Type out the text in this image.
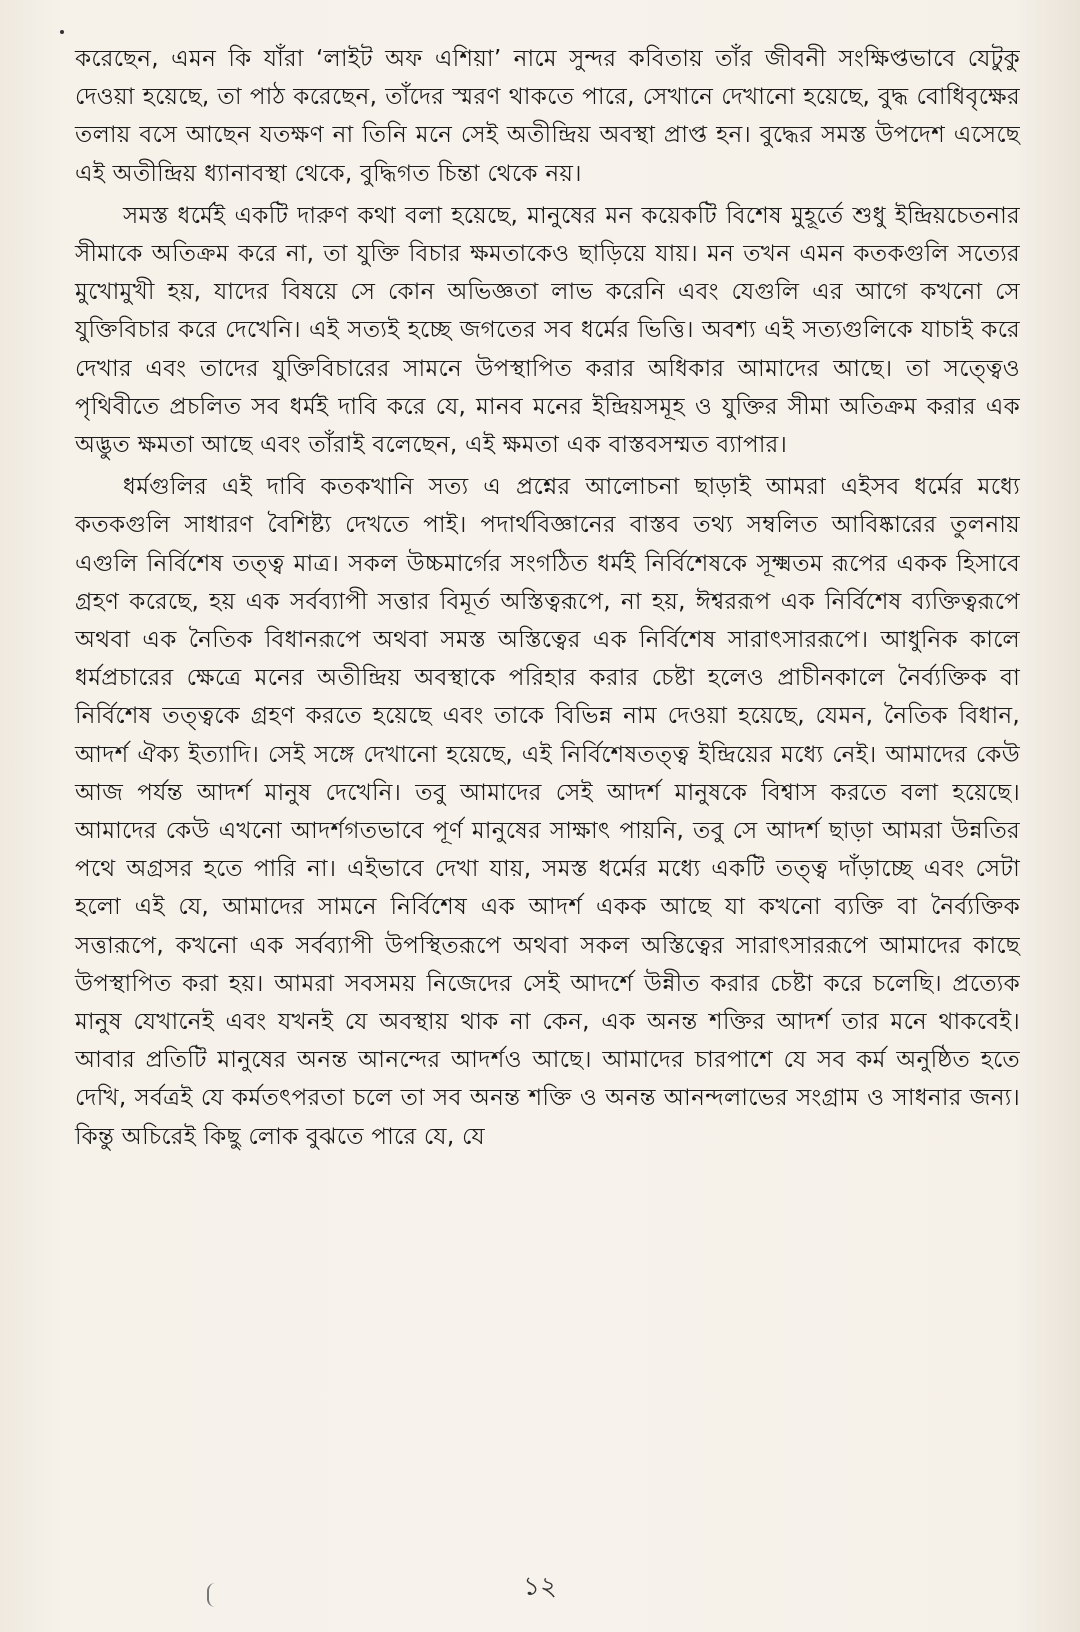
করেছেন, এমন কি যাঁরা ‘লাইট অফ এশিয়া’ নামে সুন্দর কবিতায় তাঁর জীবনী সংক্ষিপ্তভাবে যেটুকু দেওয়া হয়েছে, তা পাঠ করেছেন, তাঁদের স্মরণ থাকতে পারে, সেখানে দেখানো হয়েছে, বুদ্ধ বোধিবৃক্ষের তলায় বসে আছেন যতক্ষণ না তিনি মনে সেই অতীন্দ্রিয় অবস্থা প্রাপ্ত হন। বুদ্ধের সমস্ত উপদেশ এসেছে এই অতীন্দ্রিয় ধ্যানাবস্থা থেকে, বুদ্ধিগত চিন্তা থেকে নয়।

সমস্ত ধর্মেই একটি দারুণ কথা বলা হয়েছে, মানুষের মন কয়েকটি বিশেষ মুহূর্তে শুধু ইন্দ্রিয়চেতনার সীমাকে অতিক্রম করে না, তা যুক্তি বিচার ক্ষমতাকেও ছাড়িয়ে যায়। মন তখন এমন কতকগুলি সত্যের মুখোমুখী হয়, যাদের বিষয়ে সে কোন অভিজ্ঞতা লাভ করেনি এবং যেগুলি এর আগে কখনো সে যুক্তিবিচার করে দেখেনি। এই সত্যই হচ্ছে জগতের সব ধর্মের ভিত্তি। অবশ্য এই সত্যগুলিকে যাচাই করে দেখার এবং তাদের যুক্তিবিচারের সামনে উপস্থাপিত করার অধিকার আমাদের আছে। তা সত্ত্বেও পৃথিবীতে প্রচলিত সব ধর্মই দাবি করে যে, মানব মনের ইন্দ্রিয়সমূহ ও যুক্তির সীমা অতিক্রম করার এক অদ্ভুত ক্ষমতা আছে এবং তাঁরাই বলেছেন, এই ক্ষমতা এক বাস্তবসম্মত ব্যাপার।

ধর্মগুলির এই দাবি কতকখানি সত্য এ প্রশ্নের আলোচনা ছাড়াই আমরা এইসব ধর্মের মধ্যে কতকগুলি সাধারণ বৈশিষ্ট্য দেখতে পাই। পদার্থবিজ্ঞানের বাস্তব তথ্য সম্বলিত আবিষ্কারের তুলনায় এগুলি নির্বিশেষ তত্ত্ব মাত্র। সকল উচ্চমার্গের সংগঠিত ধর্মই নির্বিশেষকে সূক্ষ্মতম রূপের একক হিসাবে গ্রহণ করেছে, হয় এক সর্বব্যাপী সত্তার বিমূর্ত অস্তিত্বরূপে, না হয়, ঈশ্বররূপ এক নির্বিশেষ ব্যক্তিত্বরূপে অথবা এক নৈতিক বিধানরূপে অথবা সমস্ত অস্তিত্বের এক নির্বিশেষ সারাৎসাররূপে। আধুনিক কালে ধর্মপ্রচারের ক্ষেত্রে মনের অতীন্দ্রিয় অবস্থাকে পরিহার করার চেষ্টা হলেও প্রাচীনকালে নৈর্ব্যক্তিক বা নির্বিশেষ তত্ত্বকে গ্রহণ করতে হয়েছে এবং তাকে বিভিন্ন নাম দেওয়া হয়েছে, যেমন, নৈতিক বিধান, আদর্শ ঐক্য ইত্যাদি। সেই সঙ্গে দেখানো হয়েছে, এই নির্বিশেষতত্ত্ব ইন্দ্রিয়ের মধ্যে নেই। আমাদের কেউ আজ পর্যন্ত আদর্শ মানুষ দেখেনি। তবু আমাদের সেই আদর্শ মানুষকে বিশ্বাস করতে বলা হয়েছে। আমাদের কেউ এখনো আদর্শগতভাবে পূর্ণ মানুষের সাক্ষাৎ পায়নি, তবু সে আদর্শ ছাড়া আমরা উন্নতির পথে অগ্রসর হতে পারি না। এইভাবে দেখা যায়, সমস্ত ধর্মের মধ্যে একটি তত্ত্ব দাঁড়াচ্ছে এবং সেটা হলো এই যে, আমাদের সামনে নির্বিশেষ এক আদর্শ একক আছে যা কখনো ব্যক্তি বা নৈর্ব্যক্তিক সত্তারূপে, কখনো এক সর্বব্যাপী উপস্থিতরূপে অথবা সকল অস্তিত্বের সারাৎসাররূপে আমাদের কাছে উপস্থাপিত করা হয়। আমরা সবসময় নিজেদের সেই আদর্শে উন্নীত করার চেষ্টা করে চলেছি। প্রত্যেক মানুষ যেখানেই এবং যখনই যে অবস্থায় থাক না কেন, এক অনন্ত শক্তির আদর্শ তার মনে থাকবেই। আবার প্রতিটি মানুষের অনন্ত আনন্দের আদর্শও আছে। আমাদের চারপাশে যে সব কর্ম অনুষ্ঠিত হতে দেখি, সর্বত্রই যে কর্মতৎপরতা চলে তা সব অনন্ত শক্তি ও অনন্ত আনন্দলাভের সংগ্রাম ও সাধনার জন্য। কিন্তু অচিরেই কিছু লোক বুঝতে পারে যে, যে

১২
